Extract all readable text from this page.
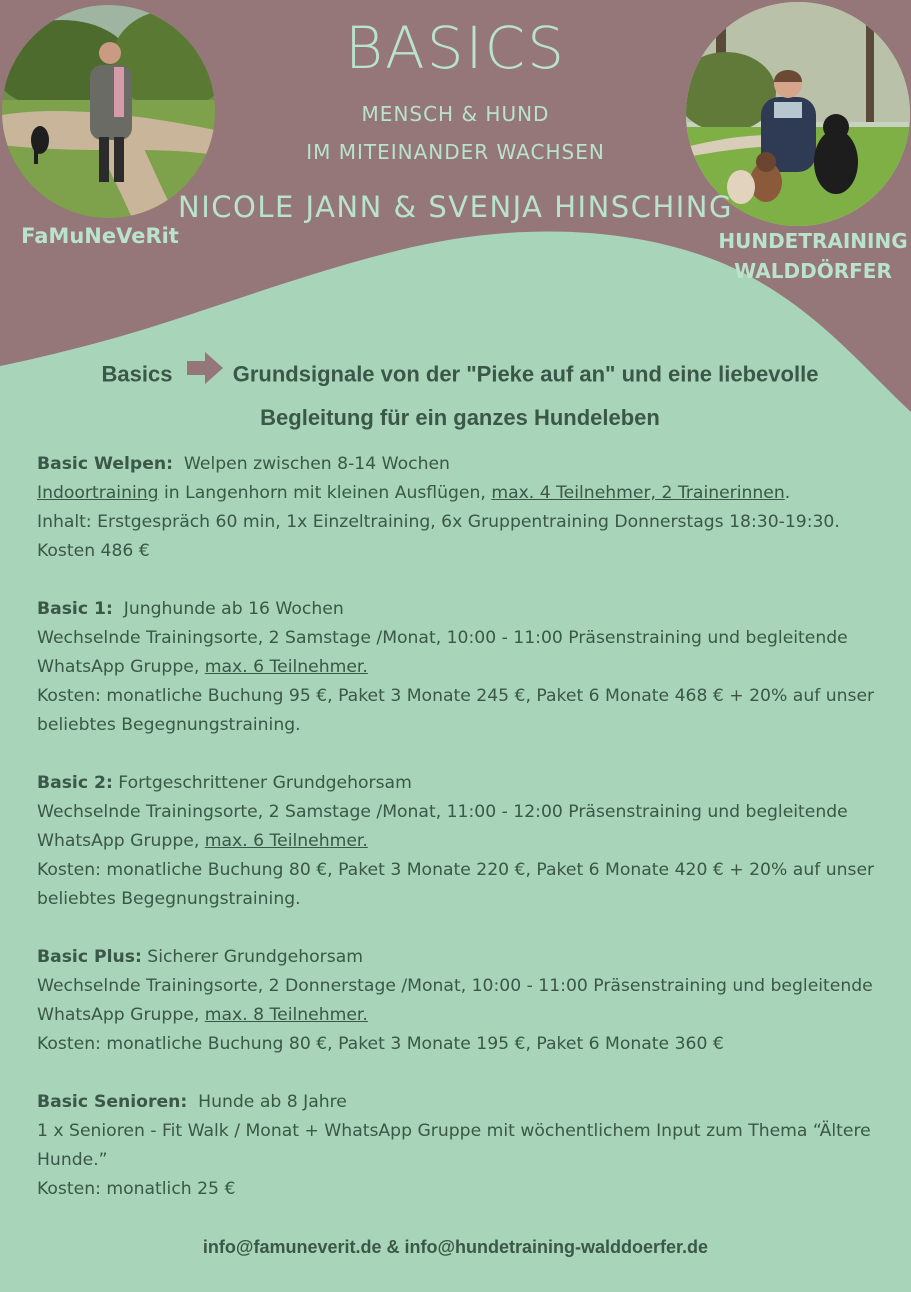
FaMuNeVeRit	HUNDETRAINING
WALDDÖRFER
BASICS
MENSCH & HUND
IM MITEINANDER WACHSEN
NICOLE JANN & SVENJA HINSCHING
Basics	Grundsignale von der "Pieke auf an" und eine liebevolle
Begleitung für ein ganzes Hundeleben

Basic Welpen: Welpen zwischen 8-14 Wochen

Indoortraining in Langenhorn mit kleinen Ausflügen, max. 4 Teilnehmer, 2 Trainerinnen.

Inhalt: Erstgespräch 60 min, 1x Einzeltraining, 6x Gruppentraining Donnerstags 18:30-19:30.

Kosten 486 €

Basic 1: Junghunde ab 16 Wochen

Wechselnde Trainingsorte, 2 Samstage /Monat, 10:00 - 11:00 Präsenstraining und begleitende WhatsApp Gruppe, max. 6 Teilnehmer.

Kosten: monatliche Buchung 95 €, Paket 3 Monate 245 €, Paket 6 Monate 468 € + 20% auf unser beliebtes Begegnungstraining.

Basic 2: Fortgeschrittener Grundgehorsam

Wechselnde Trainingsorte, 2 Samstage /Monat, 11:00 - 12:00 Präsenstraining und begleitende WhatsApp Gruppe, max. 6 Teilnehmer.

Kosten: monatliche Buchung 80 €, Paket 3 Monate 220 €, Paket 6 Monate 420 € + 20% auf unser beliebtes Begegnungstraining.

Basic Plus: Sicherer Grundgehorsam

Wechselnde Trainingsorte, 2 Donnerstage /Monat, 10:00 - 11:00 Präsenstraining und begleitende WhatsApp Gruppe, max. 8 Teilnehmer.

Kosten: monatliche Buchung 80 €, Paket 3 Monate 195 €, Paket 6 Monate 360 €

Basic Senioren: Hunde ab 8 Jahre

1 x Senioren - Fit Walk / Monat + WhatsApp Gruppe mit wöchentlichem Input zum Thema “Ältere Hunde.”

Kosten: monatlich 25 €

info@famuneverit.de & info@hundetraining-walddoerfer.de
